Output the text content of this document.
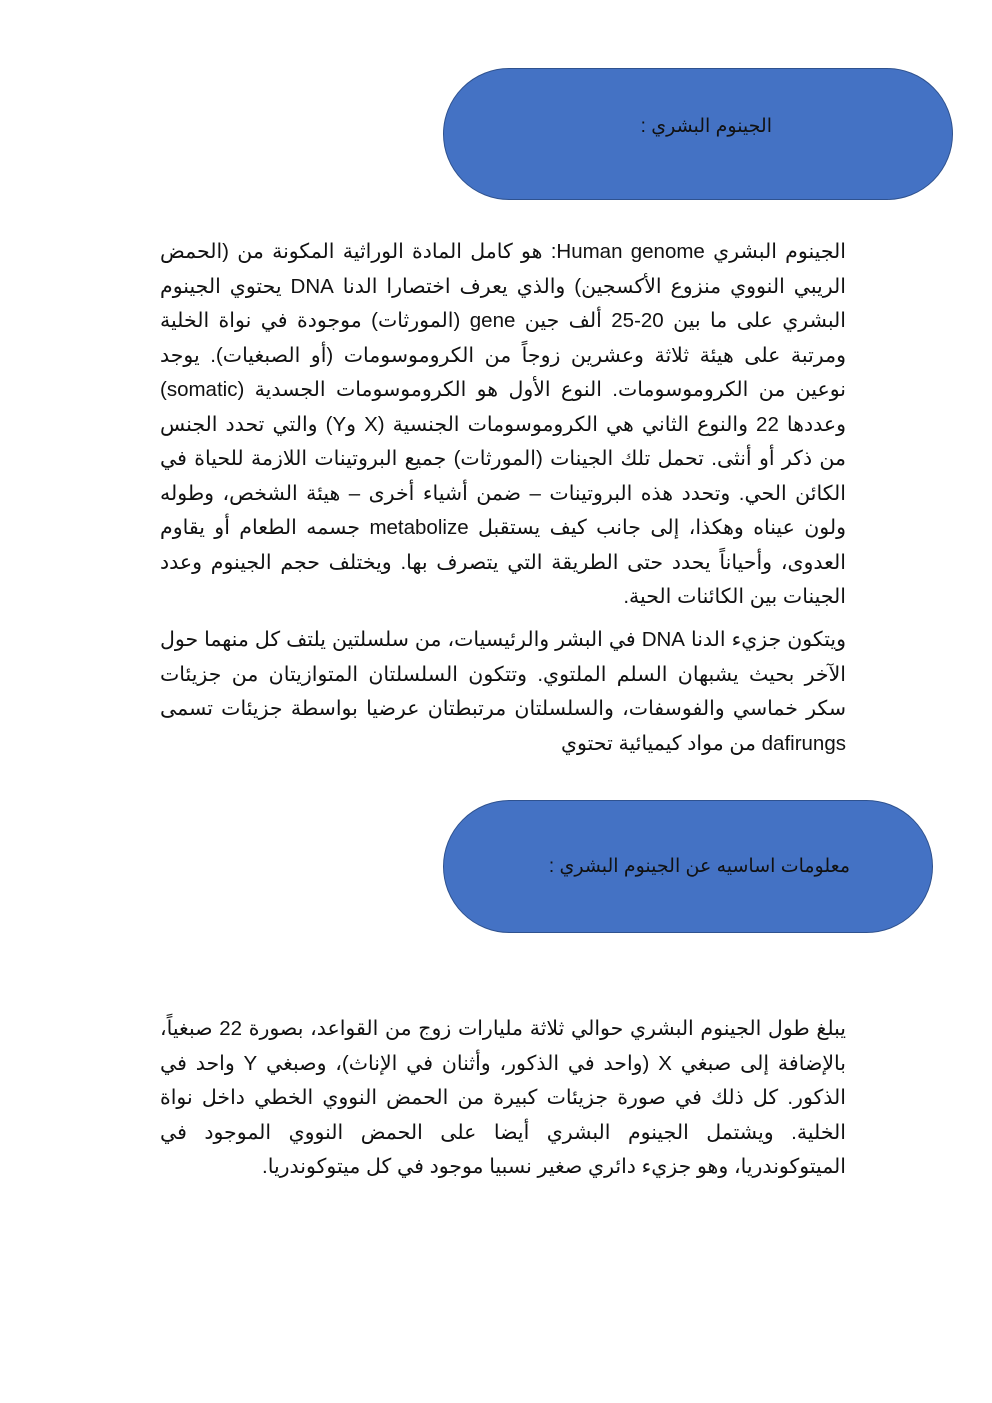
الجينوم البشري :

الجينوم البشري Human genome: هو كامل المادة الوراثية المكونة من (الحمض الريبي النووي منزوع الأكسجين) والذي يعرف اختصارا الدنا DNA يحتوي الجينوم البشري على ما بين 20-25 ألف جين gene (المورثات) موجودة في نواة الخلية ومرتبة على هيئة ثلاثة وعشرين زوجاً من الكروموسومات (أو الصبغيات). يوجد نوعين من الكروموسومات. النوع الأول هو الكروموسومات الجسدية (somatic) وعددها 22 والنوع الثاني هي الكروموسومات الجنسية (X وY) والتي تحدد الجنس من ذكر أو أنثى. تحمل تلك الجينات (المورثات) جميع البروتينات اللازمة للحياة في الكائن الحي. وتحدد هذه البروتينات – ضمن أشياء أخرى – هيئة الشخص، وطوله ولون عيناه وهكذا، إلى جانب كيف يستقبل metabolize جسمه الطعام أو يقاوم العدوى، وأحياناً يحدد حتى الطريقة التي يتصرف بها. ويختلف حجم الجينوم وعدد الجينات بين الكائنات الحية.

ويتكون جزيء الدنا DNA في البشر والرئيسيات، من سلسلتين يلتف كل منهما حول الآخر بحيث يشبهان السلم الملتوي. وتتكون السلسلتان المتوازيتان من جزيئات سكر خماسي والفوسفات، والسلسلتان مرتبطتان عرضيا بواسطة جزيئات تسمى dafirungs من مواد كيميائية تحتوي

معلومات اساسيه عن الجينوم البشري :

يبلغ طول الجينوم البشري حوالي ثلاثة مليارات زوج من القواعد، بصورة 22 صبغياً، بالإضافة إلى صبغي X (واحد في الذكور، وأثنان في الإناث)، وصبغي Y واحد في الذكور. كل ذلك في صورة جزيئات كبيرة من الحمض النووي الخطي داخل نواة الخلية. ويشتمل الجينوم البشري أيضا على الحمض النووي الموجود في الميتوكوندريا، وهو جزيء دائري صغير نسبيا موجود في كل ميتوكوندريا.
